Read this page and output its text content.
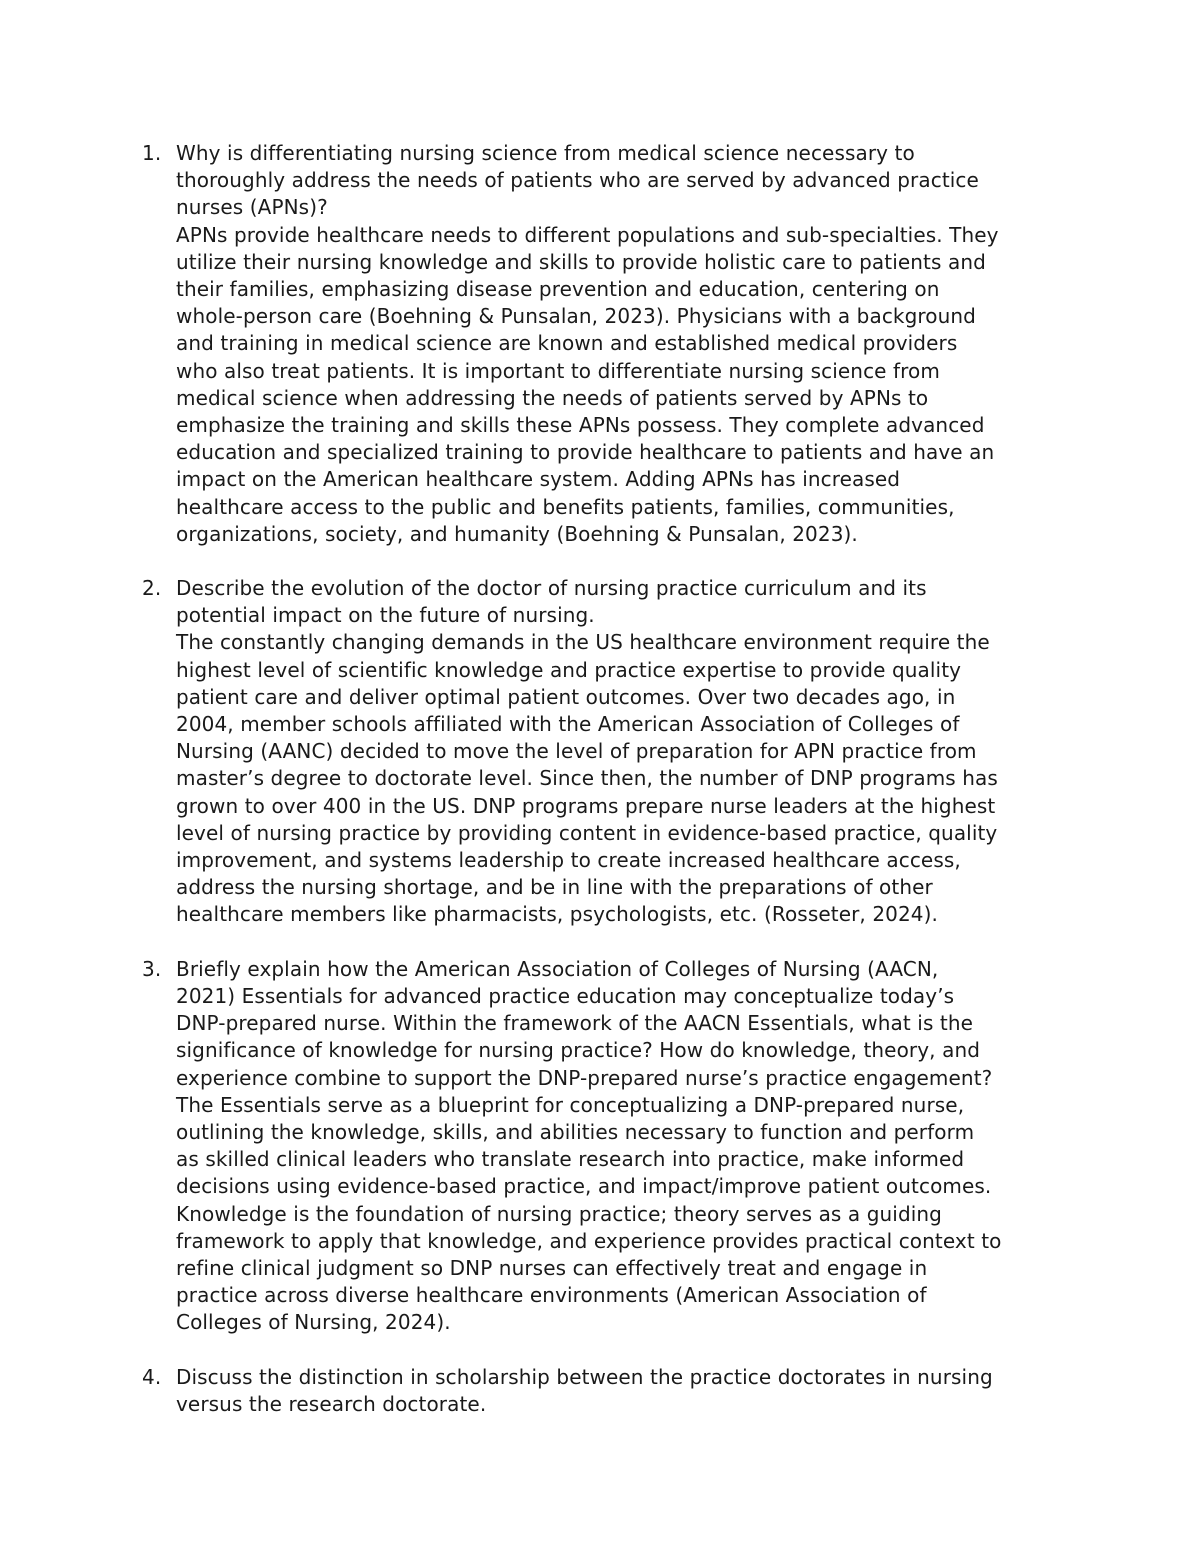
1. Why is differentiating nursing science from medical science necessary to
thoroughly address the needs of patients who are served by advanced practice
nurses (APNs)?
APNs provide healthcare needs to different populations and sub-specialties. They
utilize their nursing knowledge and skills to provide holistic care to patients and
their families, emphasizing disease prevention and education, centering on
whole-person care (Boehning & Punsalan, 2023). Physicians with a background
and training in medical science are known and established medical providers
who also treat patients. It is important to differentiate nursing science from
medical science when addressing the needs of patients served by APNs to
emphasize the training and skills these APNs possess. They complete advanced
education and specialized training to provide healthcare to patients and have an
impact on the American healthcare system. Adding APNs has increased
healthcare access to the public and benefits patients, families, communities,
organizations, society, and humanity (Boehning & Punsalan, 2023).
2. Describe the evolution of the doctor of nursing practice curriculum and its
potential impact on the future of nursing.
The constantly changing demands in the US healthcare environment require the
highest level of scientific knowledge and practice expertise to provide quality
patient care and deliver optimal patient outcomes. Over two decades ago, in
2004, member schools affiliated with the American Association of Colleges of
Nursing (AANC) decided to move the level of preparation for APN practice from
master’s degree to doctorate level. Since then, the number of DNP programs has
grown to over 400 in the US. DNP programs prepare nurse leaders at the highest
level of nursing practice by providing content in evidence-based practice, quality
improvement, and systems leadership to create increased healthcare access,
address the nursing shortage, and be in line with the preparations of other
healthcare members like pharmacists, psychologists, etc. (Rosseter, 2024).
3. Briefly explain how the American Association of Colleges of Nursing (AACN,
2021) Essentials for advanced practice education may conceptualize today’s
DNP-prepared nurse. Within the framework of the AACN Essentials, what is the
significance of knowledge for nursing practice? How do knowledge, theory, and
experience combine to support the DNP-prepared nurse’s practice engagement?
The Essentials serve as a blueprint for conceptualizing a DNP-prepared nurse,
outlining the knowledge, skills, and abilities necessary to function and perform
as skilled clinical leaders who translate research into practice, make informed
decisions using evidence-based practice, and impact/improve patient outcomes.
Knowledge is the foundation of nursing practice; theory serves as a guiding
framework to apply that knowledge, and experience provides practical context to
refine clinical judgment so DNP nurses can effectively treat and engage in
practice across diverse healthcare environments (American Association of
Colleges of Nursing, 2024).
4. Discuss the distinction in scholarship between the practice doctorates in nursing
versus the research doctorate.
